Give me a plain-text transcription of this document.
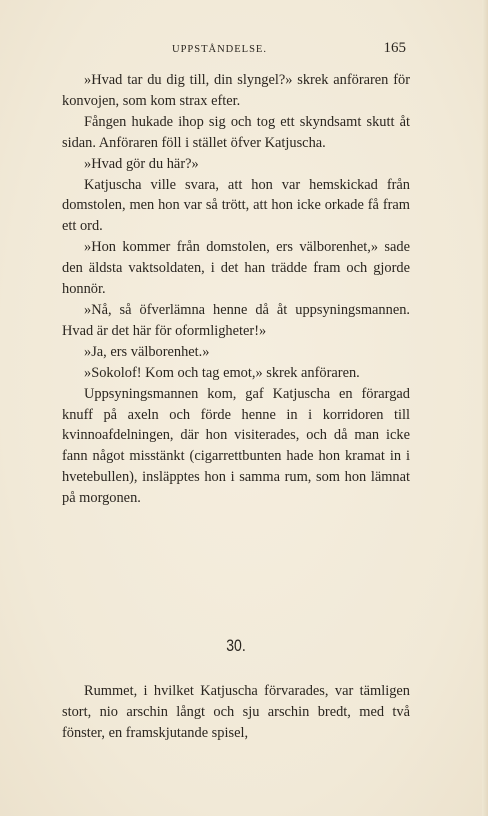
UPPSTÅNDELSE.	165

»Hvad tar du dig till, din slyngel?» skrek anföraren för konvojen, som kom strax efter.

Fången hukade ihop sig och tog ett skyndsamt skutt åt sidan. Anföraren föll i stället öfver Katjuscha.

»Hvad gör du här?»

Katjuscha ville svara, att hon var hemskickad från domstolen, men hon var så trött, att hon icke orkade få fram ett ord.

»Hon kommer från domstolen, ers välborenhet,» sade den äldsta vaktsoldaten, i det han trädde fram och gjorde honnör.

»Nå, så öfverlämna henne då åt uppsyningsmannen. Hvad är det här för oformligheter!»

»Ja, ers välborenhet.»

»Sokolof! Kom och tag emot,» skrek anföraren.

Uppsyningsmannen kom, gaf Katjuscha en förargad knuff på axeln och förde henne in i korridoren till kvinnoafdelningen, där hon visiterades, och då man icke fann något misstänkt (cigarrettbunten hade hon kramat in i hvetebullen), insläpptes hon i samma rum, som hon lämnat på morgonen.

30.

Rummet, i hvilket Katjuscha förvarades, var tämligen stort, nio arschin långt och sju arschin bredt, med två fönster, en framskjutande spisel,
